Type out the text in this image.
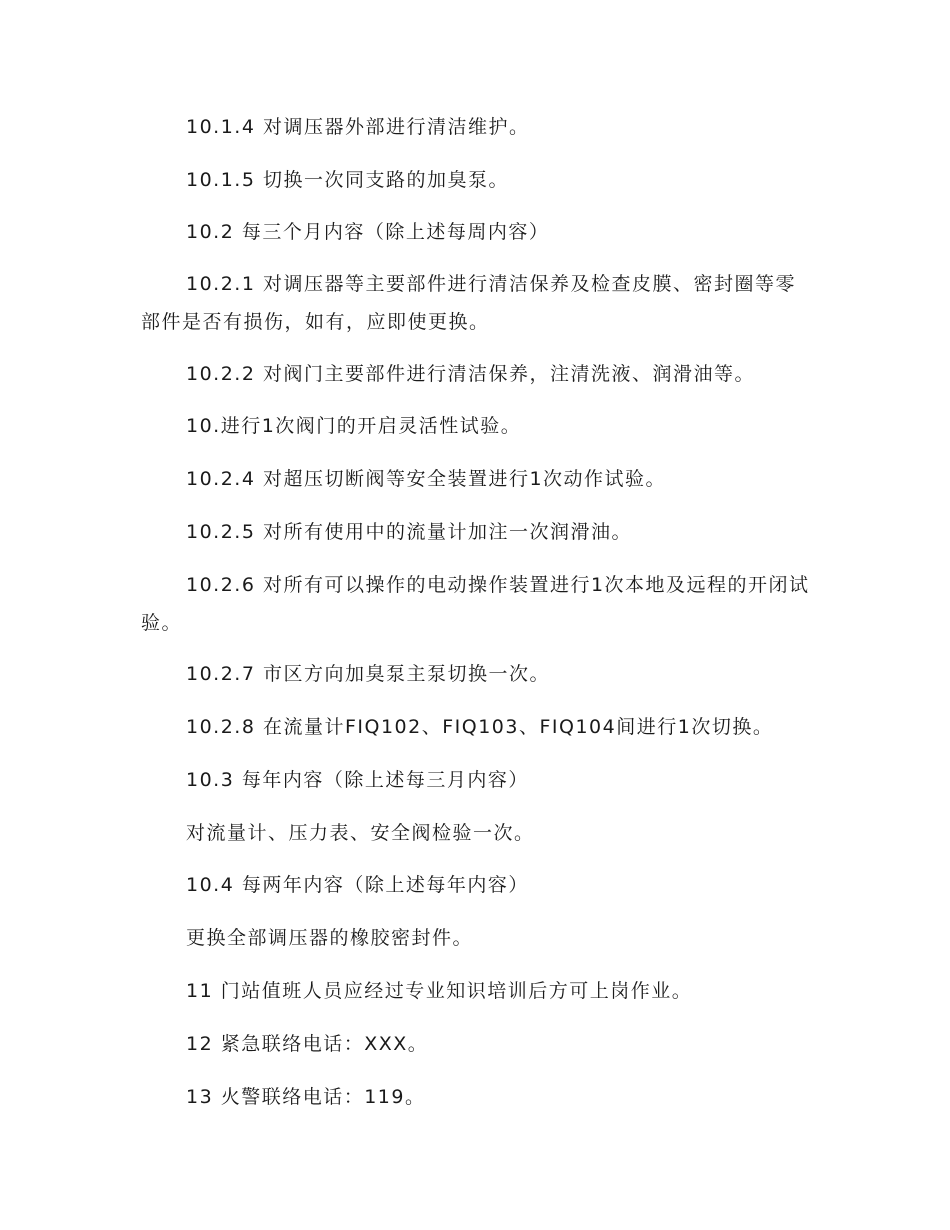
10.1.4 对调压器外部进行清洁维护。

10.1.5 切换一次同支路的加臭泵。

10.2 每三个月内容（除上述每周内容）

10.2.1 对调压器等主要部件进行清洁保养及检查皮膜、密封圈等零部件是否有损伤，如有，应即使更换。

10.2.2 对阀门主要部件进行清洁保养，注清洗液、润滑油等。

10.进行1次阀门的开启灵活性试验。

10.2.4 对超压切断阀等安全装置进行1次动作试验。

10.2.5 对所有使用中的流量计加注一次润滑油。

10.2.6 对所有可以操作的电动操作装置进行1次本地及远程的开闭试验。

10.2.7 市区方向加臭泵主泵切换一次。

10.2.8 在流量计FIQ102、FIQ103、FIQ104间进行1次切换。

10.3 每年内容（除上述每三月内容）

对流量计、压力表、安全阀检验一次。

10.4 每两年内容（除上述每年内容）

更换全部调压器的橡胶密封件。

11 门站值班人员应经过专业知识培训后方可上岗作业。

12 紧急联络电话：XXX。

13 火警联络电话：119。
